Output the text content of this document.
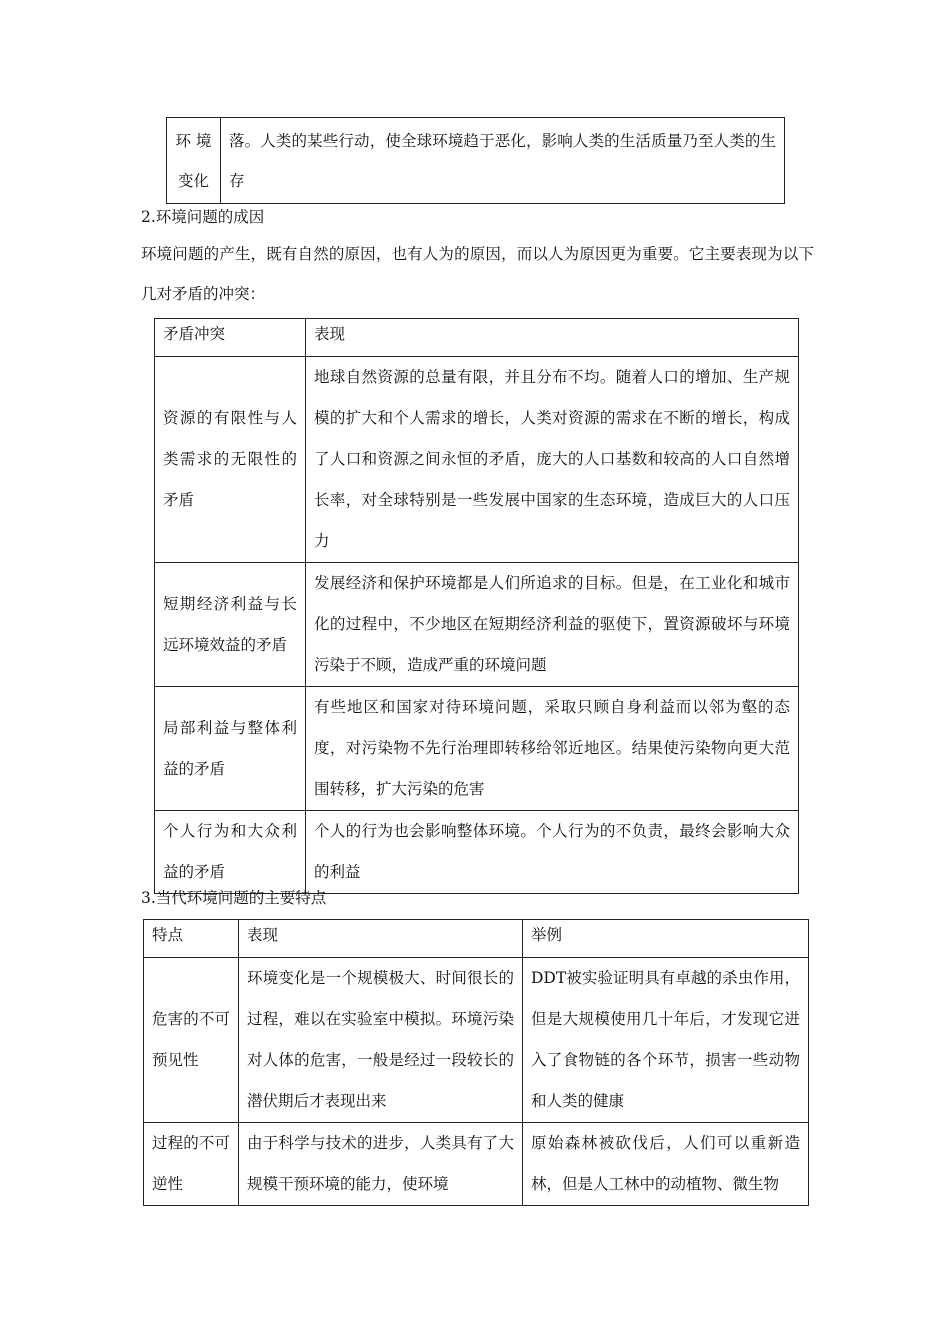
环 境
变化	落。人类的某些行动，使全球环境趋于恶化，影响人类的生活质量乃至人类的生存
2.环境问题的成因
环境问题的产生，既有自然的原因，也有人为的原因，而以人为原因更为重要。它主要表现为以下几对矛盾的冲突：
矛盾冲突	表现
资源的有限性与人类需求的无限性的矛盾	地球自然资源的总量有限，并且分布不均。随着人口的增加、生产规模的扩大和个人需求的增长，人类对资源的需求在不断的增长，构成了人口和资源之间永恒的矛盾，庞大的人口基数和较高的人口自然增长率，对全球特别是一些发展中国家的生态环境，造成巨大的人口压力
短期经济利益与长远环境效益的矛盾	发展经济和保护环境都是人们所追求的目标。但是，在工业化和城市化的过程中，不少地区在短期经济利益的驱使下，置资源破坏与环境污染于不顾，造成严重的环境问题
局部利益与整体利益的矛盾	有些地区和国家对待环境问题，采取只顾自身利益而以邻为壑的态度，对污染物不先行治理即转移给邻近地区。结果使污染物向更大范围转移，扩大污染的危害
个人行为和大众利益的矛盾	个人的行为也会影响整体环境。个人行为的不负责，最终会影响大众的利益
3.当代环境问题的主要特点
特点	表现	举例
危害的不可预见性	环境变化是一个规模极大、时间很长的过程，难以在实验室中模拟。环境污染对人体的危害，一般是经过一段较长的潜伏期后才表现出来	DDT被实验证明具有卓越的杀虫作用，但是大规模使用几十年后，才发现它进入了食物链的各个环节，损害一些动物和人类的健康
过程的不可逆性	由于科学与技术的进步，人类具有了大规模干预环境的能力，使环境	原始森林被砍伐后，人们可以重新造林，但是人工林中的动植物、微生物
